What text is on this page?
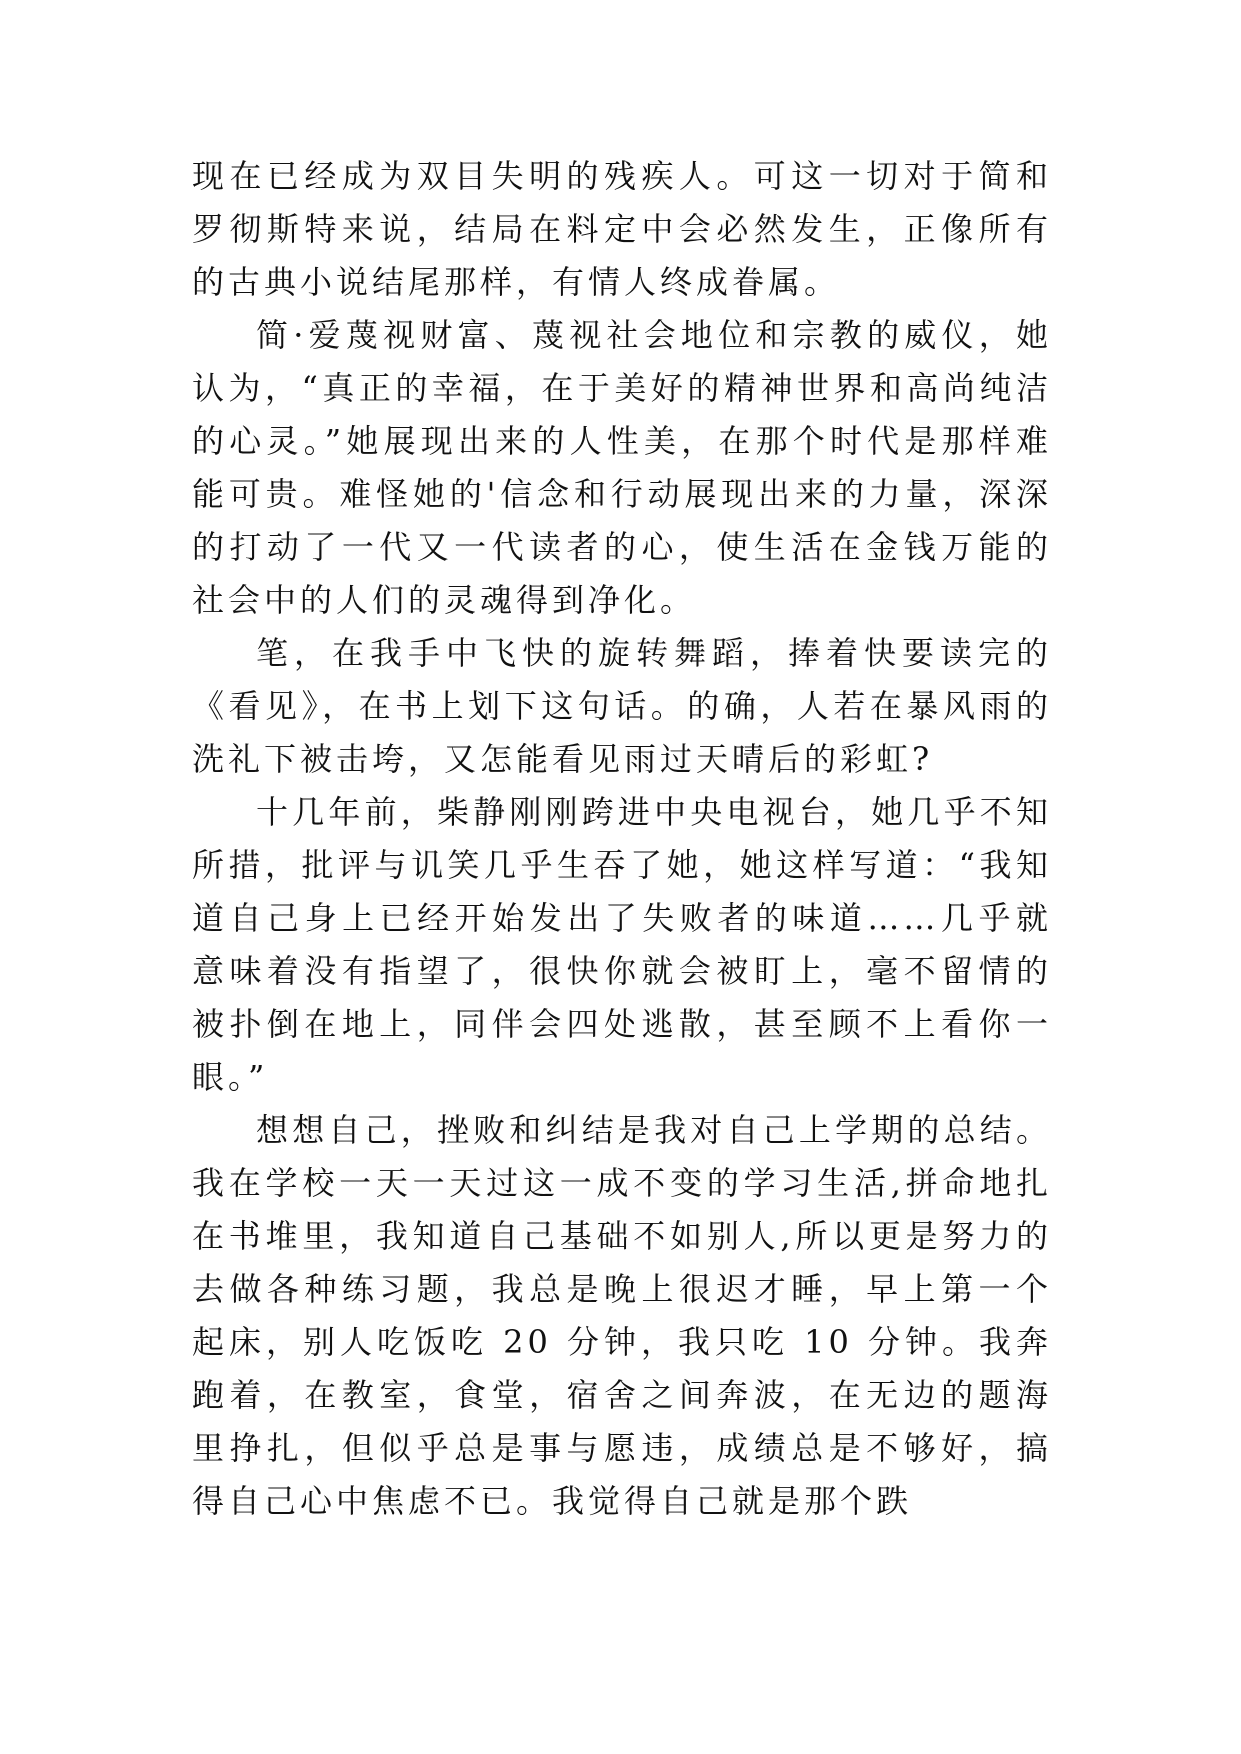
现在已经成为双目失明的残疾人。可这一切对于简和罗彻斯特来说，结局在料定中会必然发生，正像所有的古典小说结尾那样，有情人终成眷属。

简·爱蔑视财富、蔑视社会地位和宗教的威仪，她认为，“真正的幸福，在于美好的精神世界和高尚纯洁的心灵。”她展现出来的人性美，在那个时代是那样难能可贵。难怪她的'信念和行动展现出来的力量，深深的打动了一代又一代读者的心，使生活在金钱万能的社会中的人们的灵魂得到净化。

笔，在我手中飞快的旋转舞蹈，捧着快要读完的《看见》，在书上划下这句话。的确，人若在暴风雨的洗礼下被击垮，又怎能看见雨过天晴后的彩虹?

十几年前，柴静刚刚跨进中央电视台，她几乎不知所措，批评与讥笑几乎生吞了她，她这样写道：“我知道自己身上已经开始发出了失败者的味道……几乎就意味着没有指望了，很快你就会被盯上，毫不留情的被扑倒在地上，同伴会四处逃散，甚至顾不上看你一眼。”

想想自己，挫败和纠结是我对自己上学期的总结。我在学校一天一天过这一成不变的学习生活,拼命地扎在书堆里，我知道自己基础不如别人,所以更是努力的去做各种练习题，我总是晚上很迟才睡，早上第一个起床，别人吃饭吃 20 分钟，我只吃 10 分钟。我奔跑着，在教室，食堂，宿舍之间奔波，在无边的题海里挣扎，但似乎总是事与愿违，成绩总是不够好，搞得自己心中焦虑不已。我觉得自己就是那个跌
